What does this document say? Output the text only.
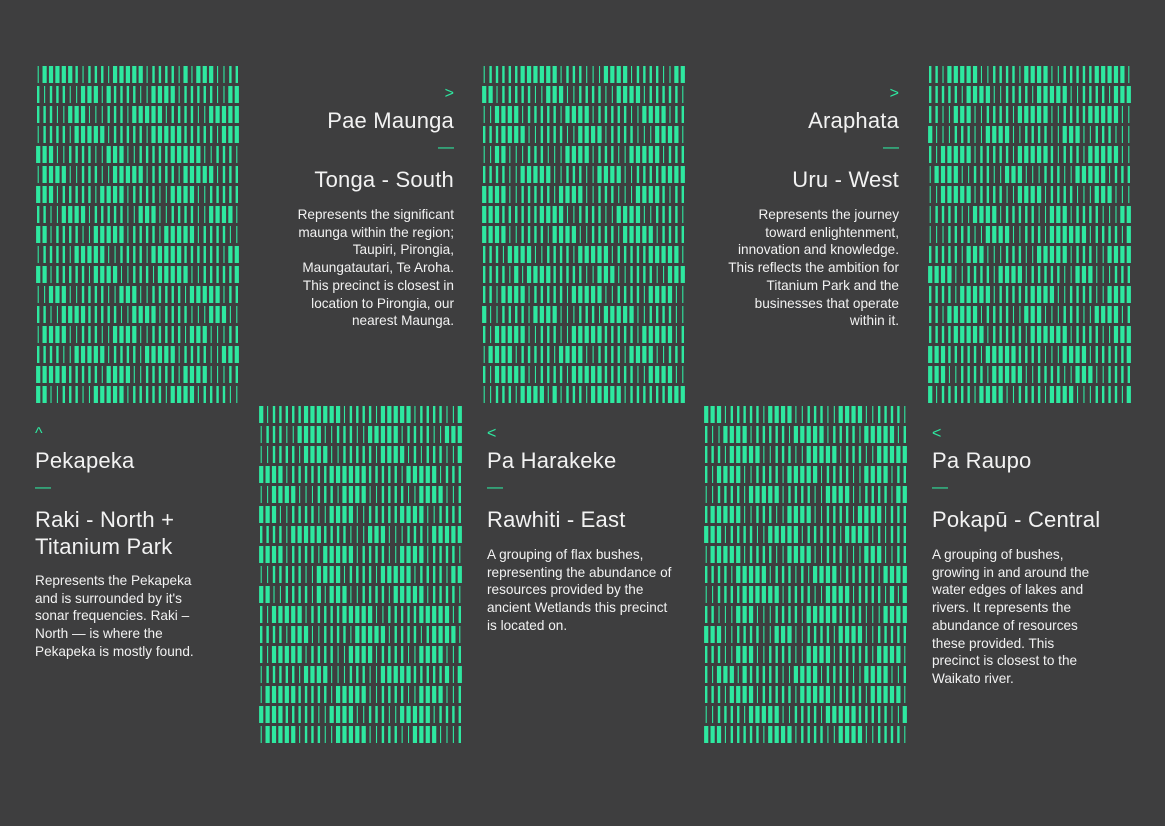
^
Pekapeka
—
Raki - North + Titanium Park
Represents the Pekapeka and is surrounded by it's sonar frequencies. Raki – North — is where the Pekapeka is mostly found.
>
Pae Maunga
—
Tonga - South
Represents the significant maunga within the region; Taupiri, Pirongia, Maungatautari, Te Aroha. This precinct is closest in location to Pirongia, our nearest Maunga.
<
Pa Harakeke
—
Rawhiti - East
A grouping of flax bushes, representing the abundance of resources provided by the ancient Wetlands this precinct is located on.
>
Araphata
—
Uru - West
Represents the journey toward enlightenment, innovation and knowledge. This reflects the ambition for Titanium Park and the businesses that operate within it.
<
Pa Raupo
—
Pokapū - Central
A grouping of bushes, growing in and around the water edges of lakes and rivers. It represents the abundance of resources these provided. This precinct is closest to the Waikato river.
